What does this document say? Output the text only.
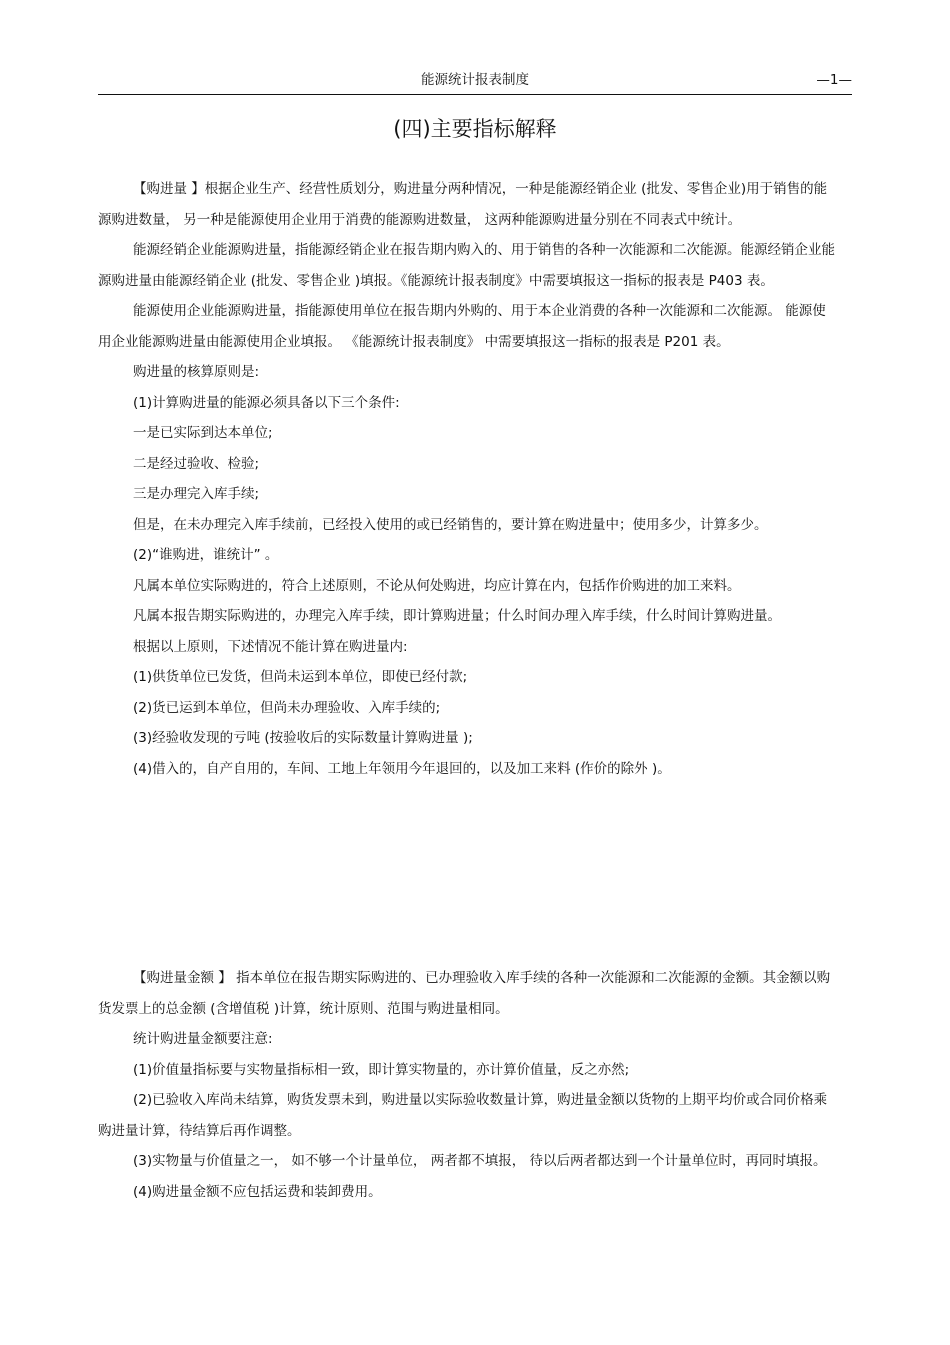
能源统计报表制度	—1—
(四)主要指标解释

【购进量 】根据企业生产、经营性质划分，购进量分两种情况，一种是能源经销企业 (批发、零售企业)用于销售的能源购进数量， 另一种是能源使用企业用于消费的能源购进数量， 这两种能源购进量分别在不同表式中统计。

能源经销企业能源购进量，指能源经销企业在报告期内购入的、用于销售的各种一次能源和二次能源。能源经销企业能源购进量由能源经销企业 (批发、零售企业 )填报。《能源统计报表制度》中需要填报这一指标的报表是 P403 表。

能源使用企业能源购进量，指能源使用单位在报告期内外购的、用于本企业消费的各种一次能源和二次能源。 能源使用企业能源购进量由能源使用企业填报。 《能源统计报表制度》 中需要填报这一指标的报表是 P201 表。

购进量的核算原则是:

(1)计算购进量的能源必须具备以下三个条件:

一是已实际到达本单位;

二是经过验收、检验;

三是办理完入库手续;

但是，在未办理完入库手续前，已经投入使用的或已经销售的，要计算在购进量中；使用多少，计算多少。

(2)“谁购进，谁统计” 。

凡属本单位实际购进的，符合上述原则，不论从何处购进，均应计算在内，包括作价购进的加工来料。

凡属本报告期实际购进的，办理完入库手续，即计算购进量；什么时间办理入库手续，什么时间计算购进量。

根据以上原则，下述情况不能计算在购进量内:

(1)供货单位已发货，但尚未运到本单位，即使已经付款;

(2)货已运到本单位，但尚未办理验收、入库手续的;

(3)经验收发现的亏吨 (按验收后的实际数量计算购进量 );

(4)借入的，自产自用的，车间、工地上年领用今年退回的，以及加工来料 (作价的除外 )。

【购进量金额 】 指本单位在报告期实际购进的、已办理验收入库手续的各种一次能源和二次能源的金额。其金额以购货发票上的总金额 (含增值税 )计算，统计原则、范围与购进量相同。

统计购进量金额要注意:

(1)价值量指标要与实物量指标相一致，即计算实物量的，亦计算价值量，反之亦然;

(2)已验收入库尚未结算，购货发票未到，购进量以实际验收数量计算，购进量金额以货物的上期平均价或合同价格乘购进量计算，待结算后再作调整。

(3)实物量与价值量之一， 如不够一个计量单位， 两者都不填报， 待以后两者都达到一个计量单位时，再同时填报。

(4)购进量金额不应包括运费和装卸费用。
